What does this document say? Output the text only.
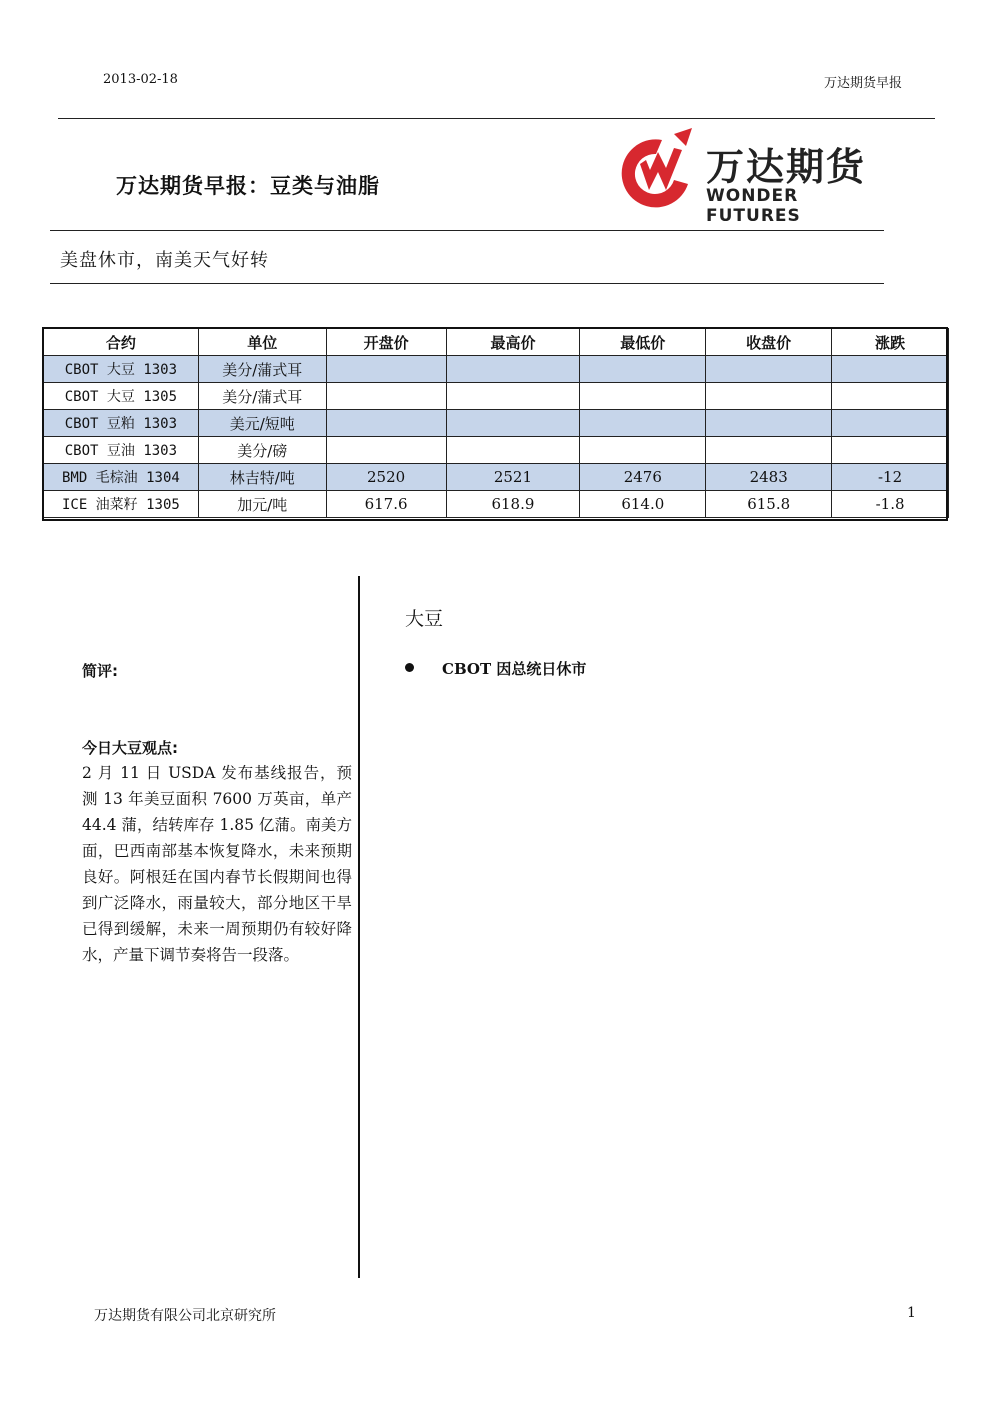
2013-02-18	万达期货早报
万达期货早报：豆类与油脂	万达期货
WONDER FUTURES
美盘休市，南美天气好转
合约	单位	开盘价	最高价	最低价	收盘价	涨跌
CBOT 大豆 1303	美分/蒲式耳					
CBOT 大豆 1305	美分/蒲式耳					
CBOT 豆粕 1303	美元/短吨					
CBOT 豆油 1303	美分/磅					
BMD 毛棕油 1304	林吉特/吨	2520	2521	2476	2483	-12
ICE 油菜籽 1305	加元/吨	617.6	618.9	614.0	615.8	-1.8
简评:
今日大豆观点:
2 月 11 日 USDA 发布基线报告，预测 13 年美豆面积 7600 万英亩，单产 44.4 蒲，结转库存 1.85 亿蒲。南美方面，巴西南部基本恢复降水，未来预期良好。阿根廷在国内春节长假期间也得到广泛降水，雨量较大，部分地区干旱已得到缓解，未来一周预期仍有较好降水，产量下调节奏将告一段落。
大豆
CBOT 因总统日休市
万达期货有限公司北京研究所	1
